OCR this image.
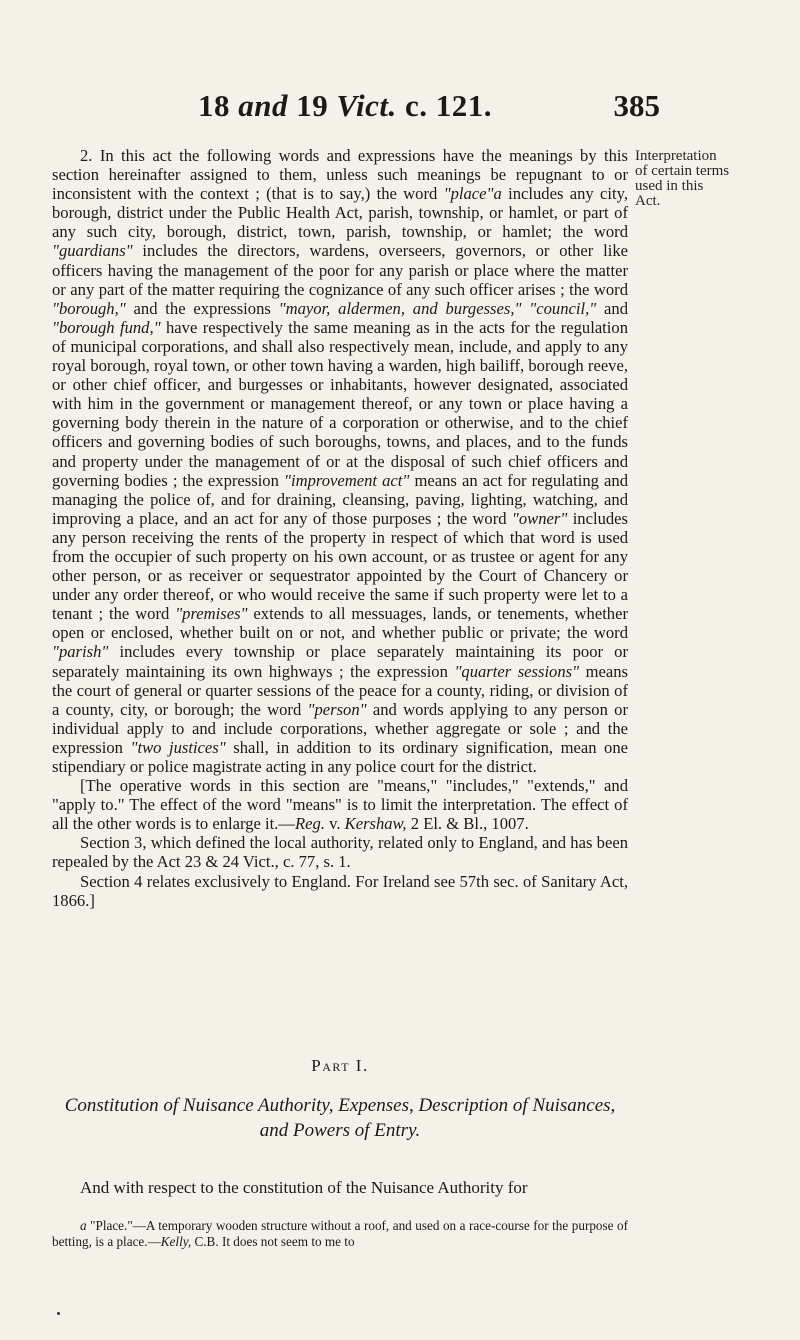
18 and 19 Vict. c. 121.	385
Interpretation
of certain terms
used in this
Act.

2. In this act the following words and expressions have the meanings by this section hereinafter assigned to them, unless such meanings be repugnant to or inconsistent with the context ; (that is to say,) the word "place"a includes any city, borough, district under the Public Health Act, parish, township, or hamlet, or part of any such city, borough, district, town, parish, township, or hamlet; the word "guardians" includes the directors, wardens, overseers, governors, or other like officers having the management of the poor for any parish or place where the matter or any part of the matter requiring the cognizance of any such officer arises ; the word "borough," and the expressions "mayor, aldermen, and burgesses," "council," and "borough fund," have respectively the same meaning as in the acts for the regulation of municipal corporations, and shall also respectively mean, include, and apply to any royal borough, royal town, or other town having a warden, high bailiff, borough reeve, or other chief officer, and burgesses or inhabitants, however designated, associated with him in the government or management thereof, or any town or place having a governing body therein in the nature of a corporation or otherwise, and to the chief officers and governing bodies of such boroughs, towns, and places, and to the funds and property under the management of or at the disposal of such chief officers and governing bodies ; the expression "improvement act" means an act for regulating and managing the police of, and for draining, cleansing, paving, lighting, watching, and improving a place, and an act for any of those purposes ; the word "owner" includes any person receiving the rents of the property in respect of which that word is used from the occupier of such property on his own account, or as trustee or agent for any other person, or as receiver or sequestrator appointed by the Court of Chancery or under any order thereof, or who would receive the same if such property were let to a tenant ; the word "premises" extends to all messuages, lands, or tenements, whether open or enclosed, whether built on or not, and whether public or private; the word "parish" includes every township or place separately maintaining its poor or separately maintaining its own highways ; the expression "quarter sessions" means the court of general or quarter sessions of the peace for a county, riding, or division of a county, city, or borough; the word "person" and words applying to any person or individual apply to and include corporations, whether aggregate or sole ; and the expression "two justices" shall, in addition to its ordinary signification, mean one stipendiary or police magistrate acting in any police court for the district.

[The operative words in this section are "means," "includes," "extends," and "apply to." The effect of the word "means" is to limit the interpretation. The effect of all the other words is to enlarge it.—Reg. v. Kershaw, 2 El. & Bl., 1007.

Section 3, which defined the local authority, related only to England, and has been repealed by the Act 23 & 24 Vict., c. 77, s. 1.

Section 4 relates exclusively to England. For Ireland see 57th sec. of Sanitary Act, 1866.]

Part I.
Constitution of Nuisance Authority, Expenses, Description of Nuisances,
and Powers of Entry.
And with respect to the constitution of the Nuisance Authority for
a "Place."—A temporary wooden structure without a roof, and used on a race-course for the purpose of betting, is a place.—Kelly, C.B. It does not seem to me to
